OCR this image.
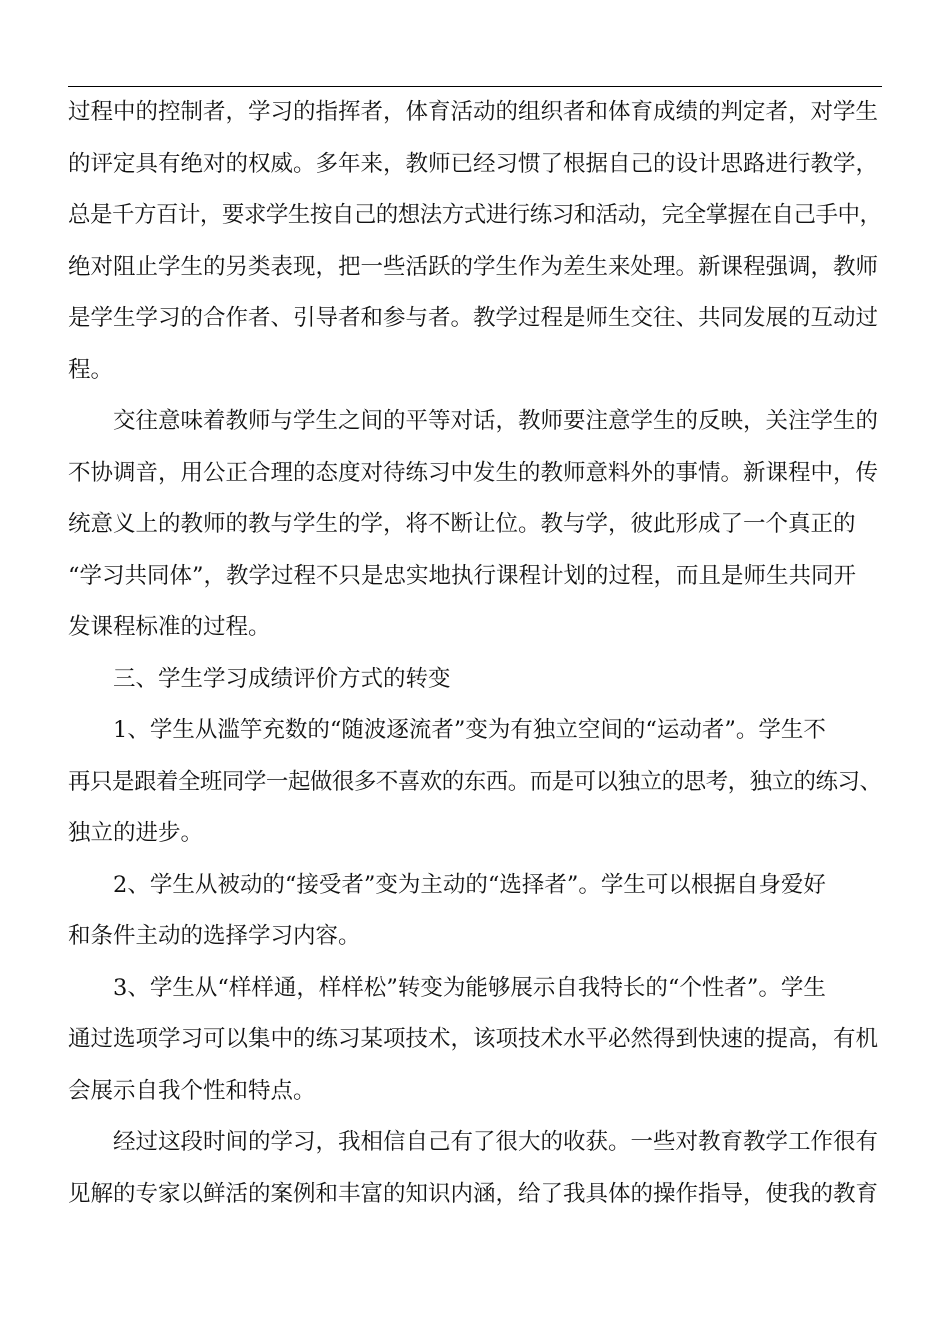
过程中的控制者，学习的指挥者，体育活动的组织者和体育成绩的判定者，对学生
的评定具有绝对的权威。多年来，教师已经习惯了根据自己的设计思路进行教学，
总是千方百计，要求学生按自己的想法方式进行练习和活动，完全掌握在自己手中，
绝对阻止学生的另类表现，把一些活跃的学生作为差生来处理。新课程强调，教师
是学生学习的合作者、引导者和参与者。教学过程是师生交往、共同发展的互动过
程。
交往意味着教师与学生之间的平等对话，教师要注意学生的反映，关注学生的
不协调音，用公正合理的态度对待练习中发生的教师意料外的事情。新课程中，传
统意义上的教师的教与学生的学，将不断让位。教与学，彼此形成了一个真正的
“学习共同体”，教学过程不只是忠实地执行课程计划的过程，而且是师生共同开
发课程标准的过程。
三、学生学习成绩评价方式的转变
1、学生从滥竽充数的“随波逐流者”变为有独立空间的“运动者”。学生不
再只是跟着全班同学一起做很多不喜欢的东西。而是可以独立的思考，独立的练习、
独立的进步。
2、学生从被动的“接受者”变为主动的“选择者”。学生可以根据自身爱好
和条件主动的选择学习内容。
3、学生从“样样通，样样松”转变为能够展示自我特长的“个性者”。学生
通过选项学习可以集中的练习某项技术，该项技术水平必然得到快速的提高，有机
会展示自我个性和特点。
经过这段时间的学习，我相信自己有了很大的收获。一些对教育教学工作很有
见解的专家以鲜活的案例和丰富的知识内涵，给了我具体的操作指导，使我的教育
